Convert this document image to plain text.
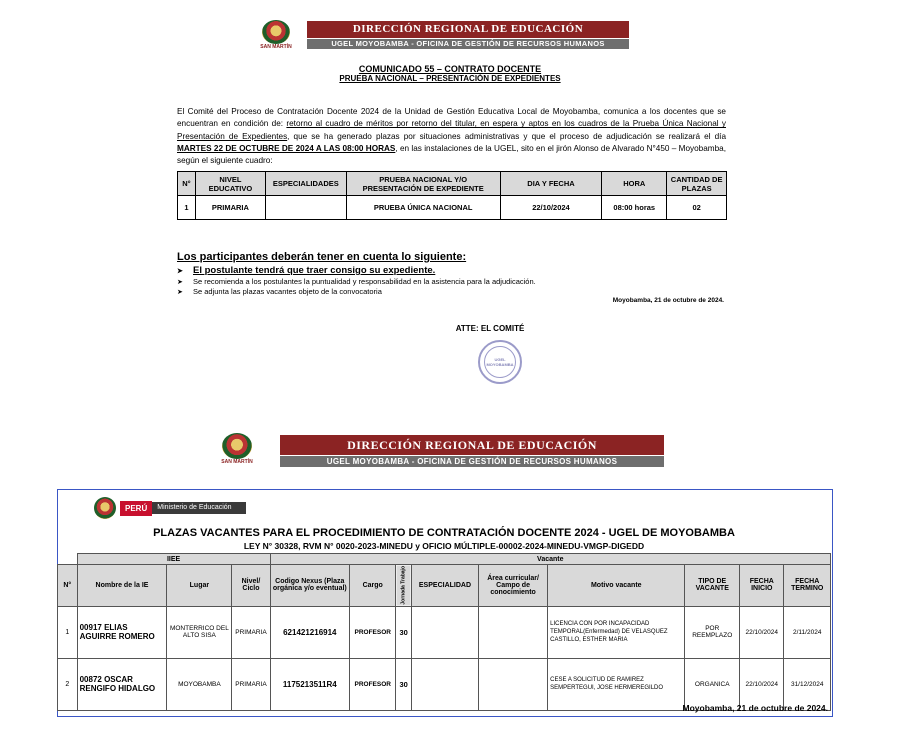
SAN MARTÍN
DIRECCIÓN REGIONAL DE EDUCACIÓN
UGEL MOYOBAMBA - OFICINA DE GESTIÓN DE RECURSOS HUMANOS
COMUNICADO 55 – CONTRATO DOCENTE
PRUEBA NACIONAL – PRESENTACIÓN DE EXPEDIENTES
El Comité del Proceso de Contratación Docente 2024 de la Unidad de Gestión Educativa Local de Moyobamba, comunica a los docentes que se encuentran en condición de: retorno al cuadro de méritos por retorno del titular, en espera y aptos en los cuadros de la Prueba Única Nacional y Presentación de Expedientes, que se ha generado plazas por situaciones administrativas y que el proceso de adjudicación se realizará el día MARTES 22 DE OCTUBRE DE 2024 A LAS 08:00 HORAS, en las instalaciones de la UGEL, sito en el jirón Alonso de Alvarado N°450 – Moyobamba, según el siguiente cuadro:
N°	NIVEL EDUCATIVO	ESPECIALIDADES	PRUEBA NACIONAL Y/O PRESENTACIÓN DE EXPEDIENTE	DIA Y FECHA	HORA	CANTIDAD DE PLAZAS
1	PRIMARIA		PRUEBA ÚNICA NACIONAL	22/10/2024	08:00 horas	02
Los participantes deberán tener en cuenta lo siguiente:
➤ El postulante tendrá que traer consigo su expediente.
➤ Se recomienda a los postulantes la puntualidad y responsabilidad en la asistencia para la adjudicación.
➤ Se adjunta las plazas vacantes objeto de la convocatoria
Moyobamba, 21 de octubre de 2024.
ATTE: EL COMITÉ
UGEL MOYOBAMBA
SAN MARTÍN
DIRECCIÓN REGIONAL DE EDUCACIÓN
UGEL MOYOBAMBA - OFICINA DE GESTIÓN DE RECURSOS HUMANOS
PERÚ	Ministerio de Educación
PLAZAS VACANTES PARA EL PROCEDIMIENTO DE CONTRATACIÓN DOCENTE 2024 - UGEL DE MOYOBAMBA
LEY N° 30328, RVM N° 0020-2023-MINEDU y OFICIO MÚLTIPLE-00002-2024-MINEDU-VMGP-DIGEDD
	IIEE			Vacante								
N°	Nombre de la IE	Lugar	Nivel/ Ciclo	Codigo Nexus (Plaza orgánica y/o eventual)	Cargo	Jornada Trabajo	ESPECIALIDAD	Área curricular/ Campo de conocimiento	Motivo vacante	TIPO DE VACANTE	FECHA INICIO	FECHA TERMINO
1	00917 ELIAS AGUIRRE ROMERO	MONTERRICO DEL ALTO SISA	PRIMARIA	621421216914	PROFESOR	30			LICENCIA CON POR INCAPACIDAD TEMPORAL(Enfermedad) DE VELASQUEZ CASTILLO, ESTHER MARIA	POR REEMPLAZO	22/10/2024	2/11/2024
2	00872 OSCAR RENGIFO HIDALGO	MOYOBAMBA	PRIMARIA	1175213511R4	PROFESOR	30			CESE A SOLICITUD DE RAMIREZ SEMPERTEGUI, JOSE HERMEREGILDO	ORGANICA	22/10/2024	31/12/2024
Moyobamba, 21 de octubre de 2024.
